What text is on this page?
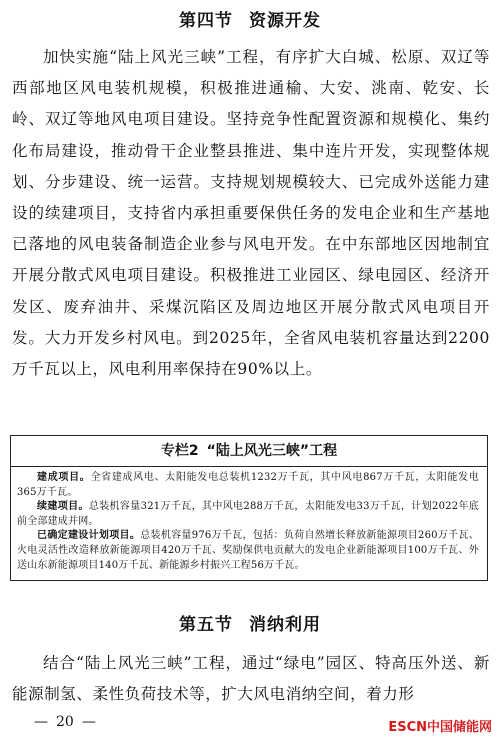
第四节 资源开发

加快实施“陆上风光三峡”工程，有序扩大白城、松原、双辽等西部地区风电装机规模，积极推进通榆、大安、洮南、乾安、长岭、双辽等地风电项目建设。坚持竞争性配置资源和规模化、集约化布局建设，推动骨干企业整县推进、集中连片开发，实现整体规划、分步建设、统一运营。支持规划规模较大、已完成外送能力建设的续建项目，支持省内承担重要保供任务的发电企业和生产基地已落地的风电装备制造企业参与风电开发。在中东部地区因地制宜开展分散式风电项目建设。积极推进工业园区、绿电园区、经济开发区、废弃油井、采煤沉陷区及周边地区开展分散式风电项目开发。大力开发乡村风电。到2025年，全省风电装机容量达到2200万千瓦以上，风电利用率保持在90%以上。

专栏2 “陆上风光三峡”工程

建成项目。全省建成风电、太阳能发电总装机1232万千瓦，其中风电867万千瓦，太阳能发电365万千瓦。

续建项目。总装机容量321万千瓦，其中风电288万千瓦，太阳能发电33万千瓦，计划2022年底前全部建成并网。

已确定建设计划项目。总装机容量976万千瓦，包括：负荷自然增长释放新能源项目260万千瓦、火电灵活性改造释放新能源项目420万千瓦、奖励保供电贡献大的发电企业新能源项目100万千瓦、外送山东新能源项目140万千瓦、新能源乡村振兴工程56万千瓦。

第五节 消纳利用

结合“陆上风光三峡”工程，通过“绿电”园区、特高压外送、新能源制氢、柔性负荷技术等，扩大风电消纳空间，着力形

— 20 —	ESCN中国储能网
